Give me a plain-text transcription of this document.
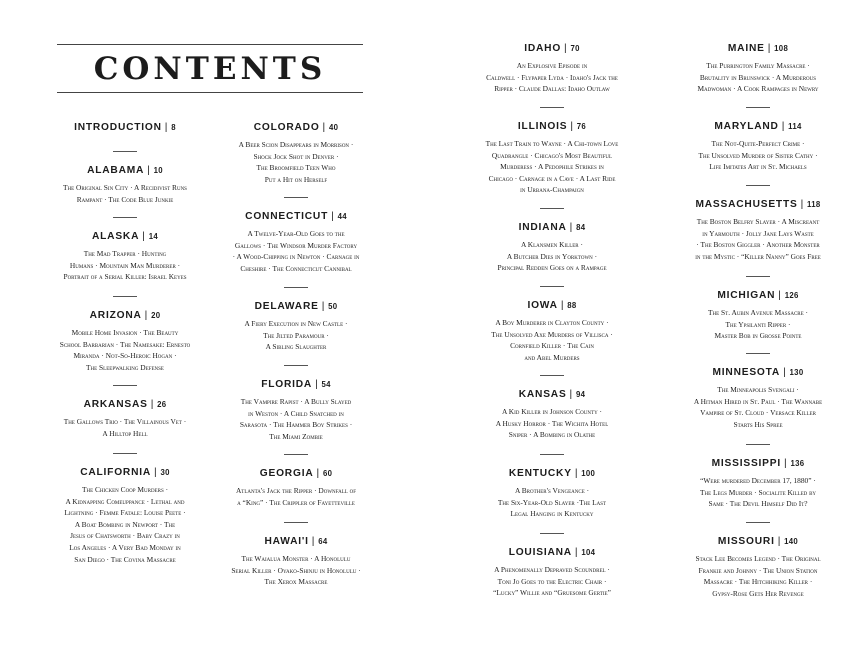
CONTENTS
INTRODUCTION | 8
ALABAMA | 10
The Original Sin City · A Recidivist Runs
Rampant · The Code Blue Junkie
ALASKA | 14
The Mad Trapper · Hunting
Humans · Mountain Man Murderer ·
Portrait of a Serial Killer: Israel Keyes
ARIZONA | 20
Mobile Home Invasion · The Beauty
School Barbarian · The Namesake: Ernesto
Miranda · Not-So-Heroic Hogan ·
The Sleepwalking Defense
ARKANSAS | 26
The Gallows Trio · The Villainous Vet ·
A Hilltop Hell
CALIFORNIA | 30
The Chicken Coop Murders ·
A Kidnapping Comeuppance · Lethal and
Lightning · Femme Fatale: Louise Peete ·
A Boat Bombing in Newport · The
Jesus of Chatsworth · Baby Crazy in
Los Angeles · A Very Bad Monday in
San Diego · The Covina Massacre
COLORADO | 40
A Beer Scion Disappears in Morrison ·
Shock Jock Shot in Denver ·
The Broomfield Teen Who
Put a Hit on Herself
CONNECTICUT | 44
A Twelve-Year-Old Goes to the
Gallows · The Windsor Murder Factory
· A Wood-Chipping in Newton · Carnage in
Cheshire · The Connecticut Cannibal
DELAWARE | 50
A Fiery Execution in New Castle ·
The Jilted Paramour ·
A Sibling Slaughter
FLORIDA | 54
The Vampire Rapist · A Bully Slayed
in Weston · A Child Snatched in
Sarasota · The Hammer Boy Strikes ·
The Miami Zombie
GEORGIA | 60
Atlanta's Jack the Ripper · Downfall of
a “King” · The Crippler of Fayetteville
HAWAI'I | 64
The Waialua Monster · A Honolulu
Serial Killer · Oyako-Shinju in Honolulu ·
The Xerox Massacre
IDAHO | 70
An Explosive Episode in
Caldwell · Flypaper Lyda · Idaho's Jack the
Ripper · Claude Dallas: Idaho Outlaw
ILLINOIS | 76
The Last Train to Wayne · A Chi-town Love
Quadrangle · Chicago's Most Beautiful
Murderess · A Pedophile Strikes in
Chicago · Carnage in a Cave · A Last Ride
in Urbana-Champaign
INDIANA | 84
A Klansmen Killer ·
A Butcher Dies in Yorktown ·
Principal Redden Goes on a Rampage
IOWA | 88
A Boy Murderer in Clayton County ·
The Unsolved Axe Murders of Villisca ·
Cornfield Killer · The Cain
and Abel Murders
KANSAS | 94
A Kid Killer in Johnson County ·
A Husky Horror · The Wichita Hotel
Sniper · A Bombing in Olathe
KENTUCKY | 100
A Brother's Vengeance ·
The Six-Year-Old Slayer ·The Last
Legal Hanging in Kentucky
LOUISIANA | 104
A Phenomenally Depraved Scoundrel ·
Toni Jo Goes to the Electric Chair ·
“Lucky” Willie and “Gruesome Gertie”
MAINE | 108
The Purrington Family Massacre ·
Brutality in Brunswick · A Murderous
Madwoman · A Cook Rampages in Newry
MARYLAND | 114
The Not-Quite-Perfect Crime ·
The Unsolved Murder of Sister Cathy ·
Life Imitates Art in St. Michaels
MASSACHUSETTS | 118
The Boston Belfry Slayer · A Miscreant
in Yarmouth · Jolly Jane Lays Waste
· The Boston Giggler · Another Monster
in the Mystic · “Killer Nanny” Goes Free
MICHIGAN | 126
The St. Aubin Avenue Massacre ·
The Ypsilanti Ripper ·
Master Bob in Grosse Pointe
MINNESOTA | 130
The Minneapolis Svengali ·
A Hitman Hired in St. Paul · The Wannabe
Vampire of St. Cloud · Versace Killer
Starts His Spree
MISSISSIPPI | 136
“Were murdered December 17, 1880” ·
The Legs Murder · Socialite Killed by
Same · The Devil Himself Did It?
MISSOURI | 140
Stack Lee Becomes Legend · The Original
Frankie and Johnny · The Union Station
Massacre · The Hitchhiking Killer ·
Gypsy-Rose Gets Her Revenge
